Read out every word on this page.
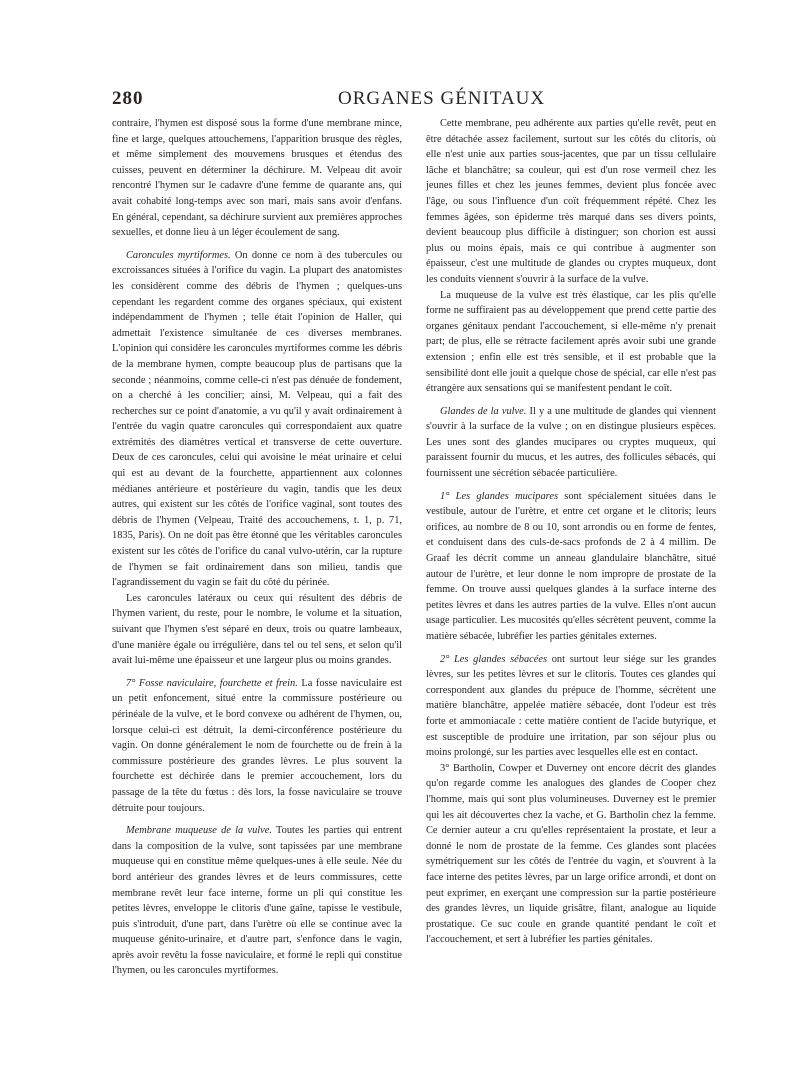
280	ORGANES GÉNITAUX

contraire, l'hymen est disposé sous la forme d'une membrane mince, fine et large, quelques attouchemens, l'apparition brusque des règles, et même simplement des mouvemens brusques et étendus des cuisses, peuvent en déterminer la déchirure. M. Velpeau dit avoir rencontré l'hymen sur le cadavre d'une femme de quarante ans, qui avait cohabité long-temps avec son mari, mais sans avoir d'enfans. En général, cependant, sa déchirure survient aux premières approches sexuelles, et donne lieu à un léger écoulement de sang.

Caroncules myrtiformes. On donne ce nom à des tubercules ou excroissances situées à l'orifice du vagin. La plupart des anatomistes les considèrent comme des débris de l'hymen ; quelques-uns cependant les regardent comme des organes spéciaux, qui existent indépendamment de l'hymen ; telle était l'opinion de Haller, qui admettait l'existence simultanée de ces diverses membranes. L'opinion qui considère les caroncules myrtiformes comme les débris de la membrane hymen, compte beaucoup plus de partisans que la seconde ; néanmoins, comme celle-ci n'est pas dénuée de fondement, on a cherché à les concilier; ainsi, M. Velpeau, qui a fait des recherches sur ce point d'anatomie, a vu qu'il y avait ordinairement à l'entrée du vagin quatre caroncules qui correspondaient aux quatre extrémités des diamètres vertical et transverse de cette ouverture. Deux de ces caroncules, celui qui avoisine le méat urinaire et celui qui est au devant de la fourchette, appartiennent aux colonnes médianes antérieure et postérieure du vagin, tandis que les deux autres, qui existent sur les côtés de l'orifice vaginal, sont toutes des débris de l'hymen (Velpeau, Traité des accouchemens, t. 1, p. 71, 1835, Paris). On ne doit pas être étonné que les véritables caroncules existent sur les côtés de l'orifice du canal vulvo-utérin, car la rupture de l'hymen se fait ordinairement dans son milieu, tandis que l'agrandissement du vagin se fait du côté du périnée.

Les caroncules latéraux ou ceux qui résultent des débris de l'hymen varient, du reste, pour le nombre, le volume et la situation, suivant que l'hymen s'est séparé en deux, trois ou quatre lambeaux, d'une manière égale ou irrégulière, dans tel ou tel sens, et selon qu'il avait lui-même une épaisseur et une largeur plus ou moins grandes.

7° Fosse naviculaire, fourchette et frein. La fosse naviculaire est un petit enfoncement, situé entre la commissure postérieure ou périnéale de la vulve, et le bord convexe ou adhérent de l'hymen, ou, lorsque celui-ci est détruit, la demi-circonférence postérieure du vagin. On donne généralement le nom de fourchette ou de frein à la commissure postérieure des grandes lèvres. Le plus souvent la fourchette est déchirée dans le premier accouchement, lors du passage de la tête du fœtus : dès lors, la fosse naviculaire se trouve détruite pour toujours.

Membrane muqueuse de la vulve. Toutes les parties qui entrent dans la composition de la vulve, sont tapissées par une membrane muqueuse qui en constitue même quelques-unes à elle seule. Née du bord antérieur des grandes lèvres et de leurs commissures, cette membrane revêt leur face interne, forme un pli qui constitue les petites lèvres, enveloppe le clitoris d'une gaîne, tapisse le vestibule, puis s'introduit, d'une part, dans l'urètre où elle se continue avec la muqueuse génito-urinaire, et d'autre part, s'enfonce dans le vagin, après avoir revêtu la fosse naviculaire, et formé le repli qui constitue l'hymen, ou les caroncules myrtiformes.

Cette membrane, peu adhérente aux parties qu'elle revêt, peut en être détachée assez facilement, surtout sur les côtés du clitoris, où elle n'est unie aux parties sous-jacentes, que par un tissu cellulaire lâche et blanchâtre; sa couleur, qui est d'un rose vermeil chez les jeunes filles et chez les jeunes femmes, devient plus foncée avec l'âge, ou sous l'influence d'un coït fréquemment répété. Chez les femmes âgées, son épiderme très marqué dans ses divers points, devient beaucoup plus difficile à distinguer; son chorion est aussi plus ou moins épais, mais ce qui contribue à augmenter son épaisseur, c'est une multitude de glandes ou cryptes muqueux, dont les conduits viennent s'ouvrir à la surface de la vulve.

La muqueuse de la vulve est très élastique, car les plis qu'elle forme ne suffiraient pas au développement que prend cette partie des organes génitaux pendant l'accouchement, si elle-même n'y prenait part; de plus, elle se rétracte facilement après avoir subi une grande extension ; enfin elle est très sensible, et il est probable que la sensibilité dont elle jouit a quelque chose de spécial, car elle n'est pas étrangère aux sensations qui se manifestent pendant le coït.

Glandes de la vulve. Il y a une multitude de glandes qui viennent s'ouvrir à la surface de la vulve ; on en distingue plusieurs espèces. Les unes sont des glandes mucipares ou cryptes muqueux, qui paraissent fournir du mucus, et les autres, des follicules sébacés, qui fournissent une sécrétion sébacée particulière.

1° Les glandes mucipares sont spécialement situées dans le vestibule, autour de l'urètre, et entre cet organe et le clitoris; leurs orifices, au nombre de 8 ou 10, sont arrondis ou en forme de fentes, et conduisent dans des culs-de-sacs profonds de 2 à 4 millim. De Graaf les décrit comme un anneau glandulaire blanchâtre, situé autour de l'urètre, et leur donne le nom impropre de prostate de la femme. On trouve aussi quelques glandes à la surface interne des petites lèvres et dans les autres parties de la vulve. Elles n'ont aucun usage particulier. Les mucosités qu'elles sécrètent peuvent, comme la matière sébacée, lubréfier les parties génitales externes.

2° Les glandes sébacées ont surtout leur siége sur les grandes lèvres, sur les petites lèvres et sur le clitoris. Toutes ces glandes qui correspondent aux glandes du prépuce de l'homme, sécrètent une matière blanchâtre, appelée matière sébacée, dont l'odeur est très forte et ammoniacale : cette matière contient de l'acide butyrique, et est susceptible de produire une irritation, par son séjour plus ou moins prolongé, sur les parties avec lesquelles elle est en contact.

3° Bartholin, Cowper et Duverney ont encore décrit des glandes qu'on regarde comme les analogues des glandes de Cooper chez l'homme, mais qui sont plus volumineuses. Duverney est le premier qui les ait découvertes chez la vache, et G. Bartholin chez la femme. Ce dernier auteur a cru qu'elles représentaient la prostate, et leur a donné le nom de prostate de la femme. Ces glandes sont placées symétriquement sur les côtés de l'entrée du vagin, et s'ouvrent à la face interne des petites lèvres, par un large orifice arrondi, et dont on peut exprimer, en exerçant une compression sur la partie postérieure des grandes lèvres, un liquide grisâtre, filant, analogue au liquide prostatique. Ce suc coule en grande quantité pendant le coït et l'accouchement, et sert à lubréfier les parties génitales.
